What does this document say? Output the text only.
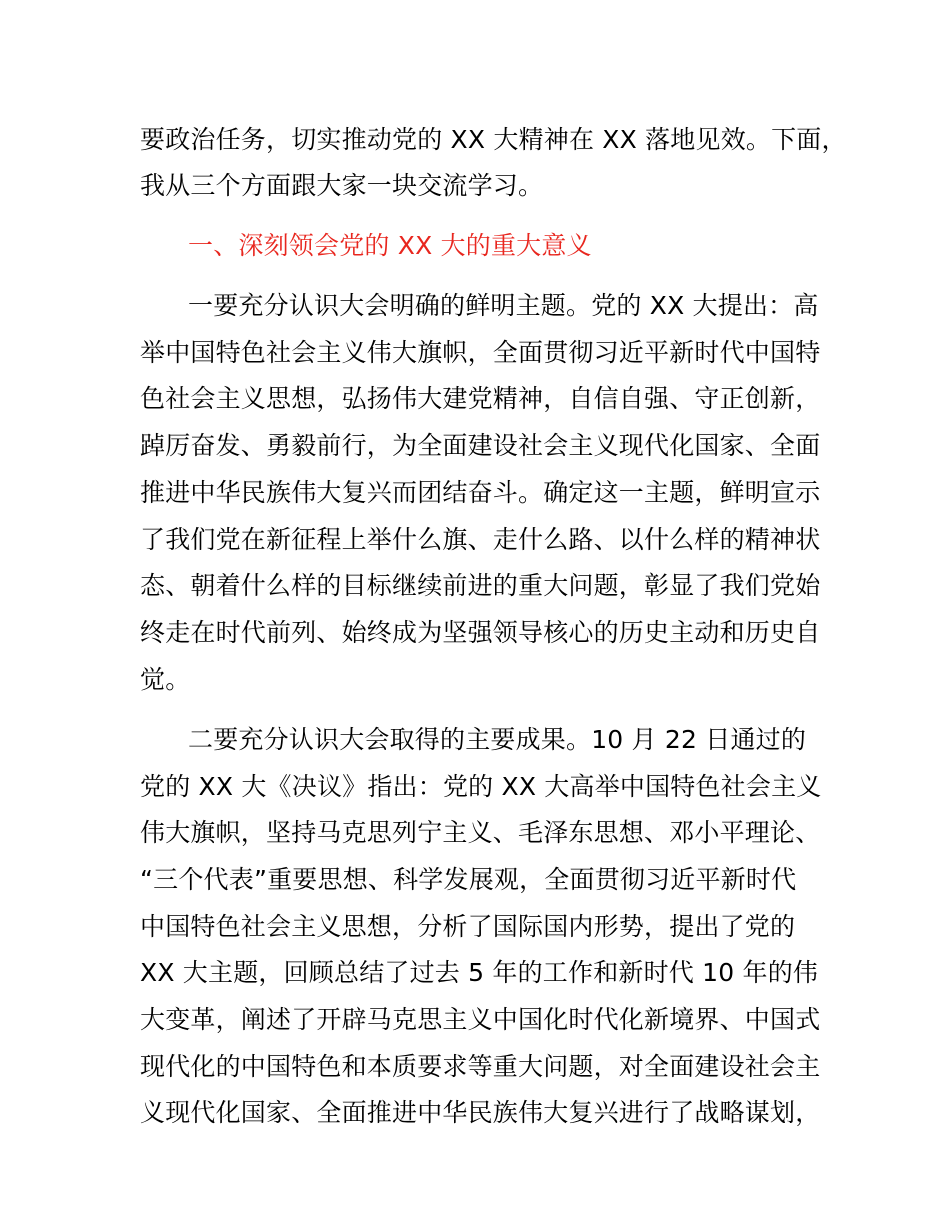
要政治任务，切实推动党的 XX 大精神在 XX 落地见效。下面，
我从三个方面跟大家一块交流学习。
一、深刻领会党的 XX 大的重大意义
一要充分认识大会明确的鲜明主题。党的 XX 大提出：高
举中国特色社会主义伟大旗帜，全面贯彻习近平新时代中国特
色社会主义思想，弘扬伟大建党精神，自信自强、守正创新，
踔厉奋发、勇毅前行，为全面建设社会主义现代化国家、全面
推进中华民族伟大复兴而团结奋斗。确定这一主题，鲜明宣示
了我们党在新征程上举什么旗、走什么路、以什么样的精神状
态、朝着什么样的目标继续前进的重大问题，彰显了我们党始
终走在时代前列、始终成为坚强领导核心的历史主动和历史自
觉。
二要充分认识大会取得的主要成果。10 月 22 日通过的
党的 XX 大《决议》指出：党的 XX 大高举中国特色社会主义
伟大旗帜，坚持马克思列宁主义、毛泽东思想、邓小平理论、
“三个代表”重要思想、科学发展观，全面贯彻习近平新时代
中国特色社会主义思想，分析了国际国内形势，提出了党的
XX 大主题，回顾总结了过去 5 年的工作和新时代 10 年的伟
大变革，阐述了开辟马克思主义中国化时代化新境界、中国式
现代化的中国特色和本质要求等重大问题，对全面建设社会主
义现代化国家、全面推进中华民族伟大复兴进行了战略谋划，
